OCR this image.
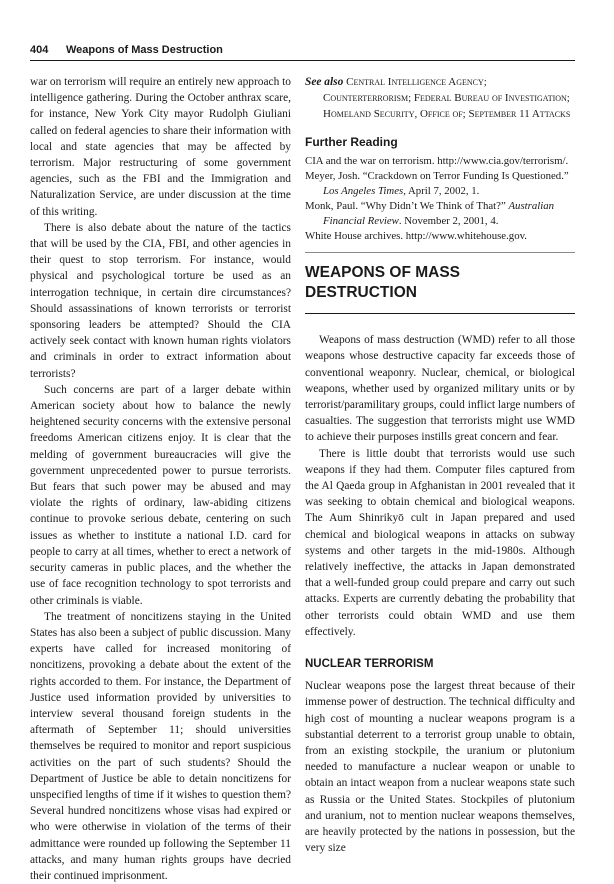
404 Weapons of Mass Destruction

war on terrorism will require an entirely new approach to intelligence gathering. During the October anthrax scare, for instance, New York City mayor Rudolph Giuliani called on federal agencies to share their information with local and state agencies that may be affected by terrorism. Major restructuring of some government agencies, such as the FBI and the Immigration and Naturalization Service, are under discussion at the time of this writing.

There is also debate about the nature of the tactics that will be used by the CIA, FBI, and other agencies in their quest to stop terrorism. For instance, would physical and psychological torture be used as an interrogation technique, in certain dire circumstances? Should assassinations of known terrorists or terrorist sponsoring leaders be attempted? Should the CIA actively seek contact with known human rights violators and criminals in order to extract information about terrorists?

Such concerns are part of a larger debate within American society about how to balance the newly heightened security concerns with the extensive personal freedoms American citizens enjoy. It is clear that the melding of government bureaucracies will give the government unprecedented power to pursue terrorists. But fears that such power may be abused and may violate the rights of ordinary, law-abiding citizens continue to provoke serious debate, centering on such issues as whether to institute a national I.D. card for people to carry at all times, whether to erect a network of security cameras in public places, and the whether the use of face recognition technology to spot terrorists and other criminals is viable.

The treatment of noncitizens staying in the United States has also been a subject of public discussion. Many experts have called for increased monitoring of noncitizens, provoking a debate about the extent of the rights accorded to them. For instance, the Department of Justice used information provided by universities to interview several thousand foreign students in the aftermath of September 11; should universities themselves be required to monitor and report suspicious activities on the part of such students? Should the Department of Justice be able to detain noncitizens for unspecified lengths of time if it wishes to question them? Several hundred noncitizens whose visas had expired or who were otherwise in violation of the terms of their admittance were rounded up following the September 11 attacks, and many human rights groups have decried their continued imprisonment.

See also Central Intelligence Agency;
Counterterrorism; Federal Bureau of Investigation;
Homeland Security, Office of; September 11 Attacks

Further Reading
CIA and the war on terrorism. http://www.cia.gov/terrorism/.
Meyer, Josh. “Crackdown on Terror Funding Is Questioned.” Los Angeles Times, April 7, 2002, 1.
Monk, Paul. “Why Didn’t We Think of That?” Australian Financial Review. November 2, 2001, 4.
White House archives. http://www.whitehouse.gov.
WEAPONS OF MASS DESTRUCTION

Weapons of mass destruction (WMD) refer to all those weapons whose destructive capacity far exceeds those of conventional weaponry. Nuclear, chemical, or biological weapons, whether used by organized military units or by terrorist/paramilitary groups, could inflict large numbers of casualties. The suggestion that terrorists might use WMD to achieve their purposes instills great concern and fear.

There is little doubt that terrorists would use such weapons if they had them. Computer files captured from the Al Qaeda group in Afghanistan in 2001 revealed that it was seeking to obtain chemical and biological weapons. The Aum Shinrikyō cult in Japan prepared and used chemical and biological weapons in attacks on subway systems and other targets in the mid-1980s. Although relatively ineffective, the attacks in Japan demonstrated that a well-funded group could prepare and carry out such attacks. Experts are currently debating the probability that other terrorists could obtain WMD and use them effectively.

NUCLEAR TERRORISM

Nuclear weapons pose the largest threat because of their immense power of destruction. The technical difficulty and high cost of mounting a nuclear weapons program is a substantial deterrent to a terrorist group unable to obtain, from an existing stockpile, the uranium or plutonium needed to manufacture a nuclear weapon or unable to obtain an intact weapon from a nuclear weapons state such as Russia or the United States. Stockpiles of plutonium and uranium, not to mention nuclear weapons themselves, are heavily protected by the nations in possession, but the very size
